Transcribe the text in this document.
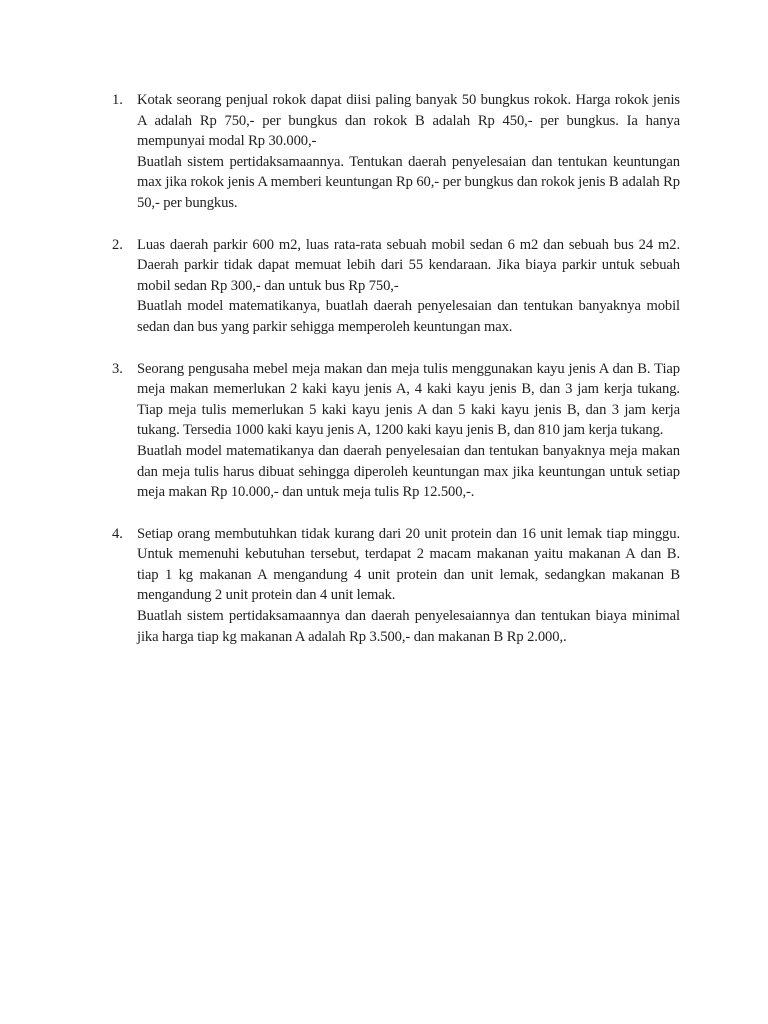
1. Kotak seorang penjual rokok dapat diisi paling banyak 50 bungkus rokok. Harga rokok jenis A adalah Rp 750,- per bungkus dan rokok B adalah Rp 450,- per bungkus. Ia hanya mempunyai modal Rp 30.000,-

Buatlah sistem pertidaksamaannya. Tentukan daerah penyelesaian dan tentukan keuntungan max jika rokok jenis A memberi keuntungan Rp 60,- per bungkus dan rokok jenis B adalah Rp 50,- per bungkus.

2. Luas daerah parkir 600 m2, luas rata-rata sebuah mobil sedan 6 m2 dan sebuah bus 24 m2. Daerah parkir tidak dapat memuat lebih dari 55 kendaraan. Jika biaya parkir untuk sebuah mobil sedan Rp 300,- dan untuk bus Rp 750,-

Buatlah model matematikanya, buatlah daerah penyelesaian dan tentukan banyaknya mobil sedan dan bus yang parkir sehigga memperoleh keuntungan max.

3. Seorang pengusaha mebel meja makan dan meja tulis menggunakan kayu jenis A dan B. Tiap meja makan memerlukan 2 kaki kayu jenis A, 4 kaki kayu jenis B, dan 3 jam kerja tukang. Tiap meja tulis memerlukan 5 kaki kayu jenis A dan 5 kaki kayu jenis B, dan 3 jam kerja tukang. Tersedia 1000 kaki kayu jenis A, 1200 kaki kayu jenis B, dan 810 jam kerja tukang.

Buatlah model matematikanya dan daerah penyelesaian dan tentukan banyaknya meja makan dan meja tulis harus dibuat sehingga diperoleh keuntungan max jika keuntungan untuk setiap meja makan Rp 10.000,- dan untuk meja tulis Rp 12.500,-.

4. Setiap orang membutuhkan tidak kurang dari 20 unit protein dan 16 unit lemak tiap minggu. Untuk memenuhi kebutuhan tersebut, terdapat 2 macam makanan yaitu makanan A dan B. tiap 1 kg makanan A mengandung 4 unit protein dan unit lemak, sedangkan makanan B mengandung 2 unit protein dan 4 unit lemak.

Buatlah sistem pertidaksamaannya dan daerah penyelesaiannya dan tentukan biaya minimal jika harga tiap kg makanan A adalah Rp 3.500,- dan makanan B Rp 2.000,.
